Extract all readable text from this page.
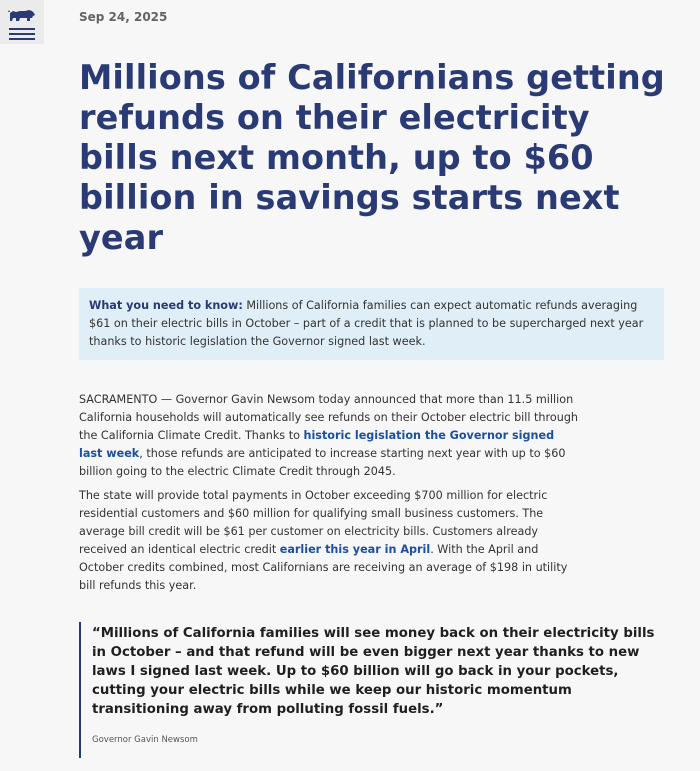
Sep 24, 2025
Millions of Californians getting refunds on their electricity bills next month, up to $60 billion in savings starts next year
What you need to know: Millions of California families can expect automatic refunds averaging $61 on their electric bills in October – part of a credit that is planned to be supercharged next year thanks to historic legislation the Governor signed last week.

SACRAMENTO — Governor Gavin Newsom today announced that more than 11.5 million California households will automatically see refunds on their October electric bill through the California Climate Credit. Thanks to historic legislation the Governor signed last week, those refunds are anticipated to increase starting next year with up to $60 billion going to the electric Climate Credit through 2045.

The state will provide total payments in October exceeding $700 million for electric residential customers and $60 million for qualifying small business customers. The average bill credit will be $61 per customer on electricity bills. Customers already received an identical electric credit earlier this year in April. With the April and October credits combined, most Californians are receiving an average of $198 in utility bill refunds this year.

“Millions of California families will see money back on their electricity bills in October – and that refund will be even bigger next year thanks to new laws I signed last week. Up to $60 billion will go back in your pockets, cutting your electric bills while we keep our historic momentum transitioning away from polluting fossil fuels.”

Governor Gavin Newsom
